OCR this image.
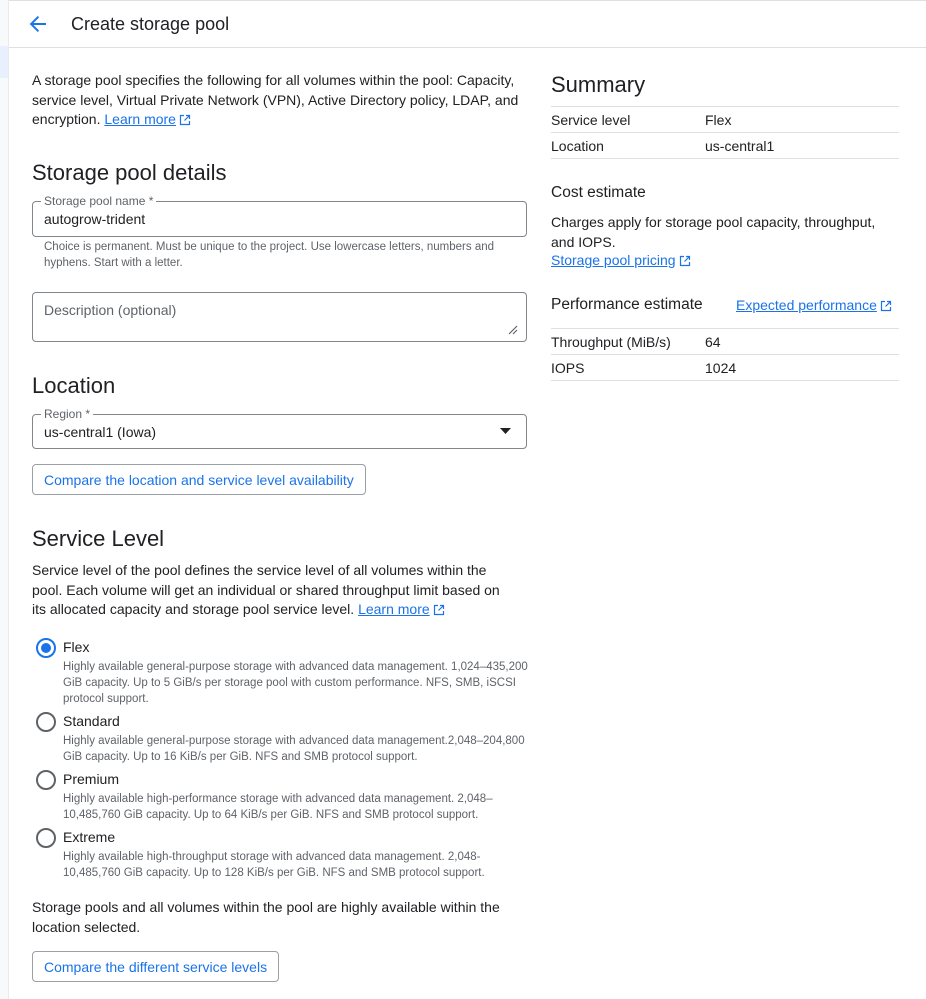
Create storage pool
A storage pool specifies the following for all volumes within the pool: Capacity, service level, Virtual Private Network (VPN), Active Directory policy, LDAP, and encryption. Learn more
Storage pool details
Storage pool name *
autogrow-trident
Choice is permanent. Must be unique to the project. Use lowercase letters, numbers and hyphens. Start with a letter.
Description (optional)
Location
Region *
us-central1 (Iowa)
Compare the location and service level availability
Service Level
Service level of the pool defines the service level of all volumes within the pool. Each volume will get an individual or shared throughput limit based on its allocated capacity and storage pool service level. Learn more
Flex
Highly available general-purpose storage with advanced data management. 1,024–435,200 GiB capacity. Up to 5 GiB/s per storage pool with custom performance. NFS, SMB, iSCSI protocol support.
Standard
Highly available general-purpose storage with advanced data management.2,048–204,800 GiB capacity. Up to 16 KiB/s per GiB. NFS and SMB protocol support.
Premium
Highly available high-performance storage with advanced data management. 2,048–10,485,760 GiB capacity. Up to 64 KiB/s per GiB. NFS and SMB protocol support.
Extreme
Highly available high-throughput storage with advanced data management. 2,048-10,485,760 GiB capacity. Up to 128 KiB/s per GiB. NFS and SMB protocol support.
Storage pools and all volumes within the pool are highly available within the location selected.
Compare the different service levels
Summary
Service level	Flex
Location	us-central1
Cost estimate
Charges apply for storage pool capacity, throughput, and IOPS.
Storage pool pricing
Performance estimate Expected performance
Throughput (MiB/s)	64
IOPS	1024
